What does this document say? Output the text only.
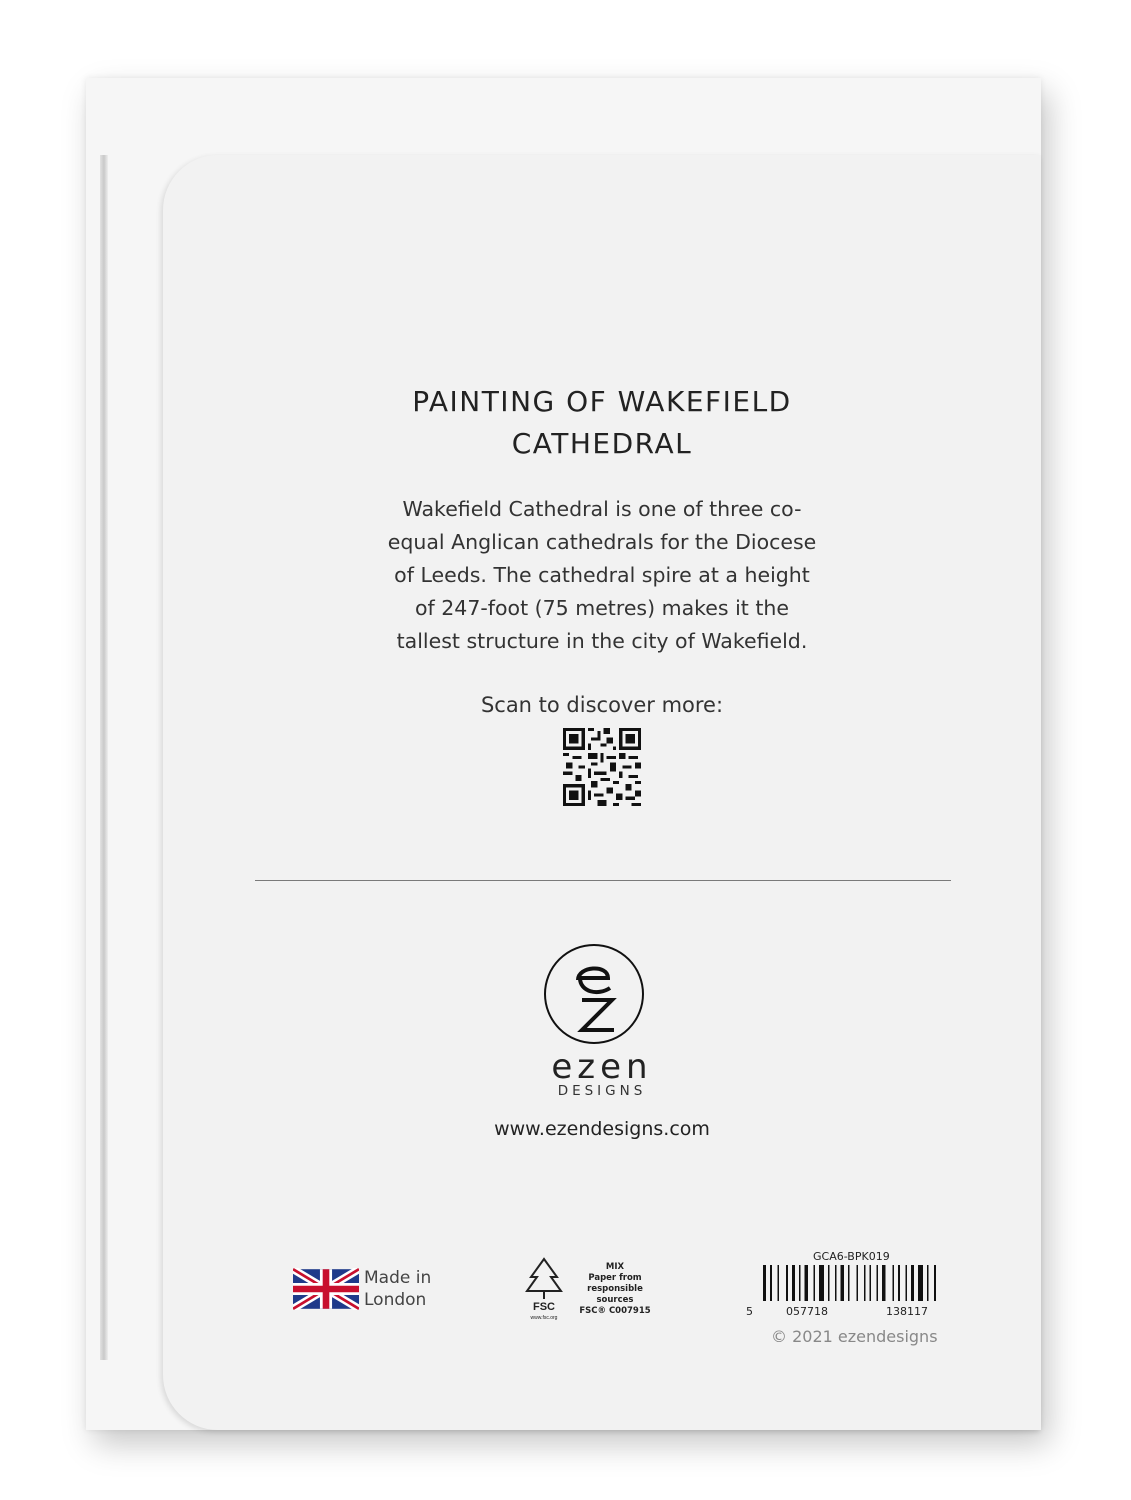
PAINTING OF WAKEFIELD
CATHEDRAL
Wakefield Cathedral is one of three co-
equal Anglican cathedrals for the Diocese
of Leeds. The cathedral spire at a height
of 247-foot (75 metres) makes it the
tallest structure in the city of Wakefield.
Scan to discover more:
ezen
DESIGNS
www.ezendesigns.com
Made in
London	FSC
www.fsc.org
MIX
Paper from
responsible sources
FSC® C007915
GCA6-BPK019
5	057718	138117
© 2021 ezendesigns
